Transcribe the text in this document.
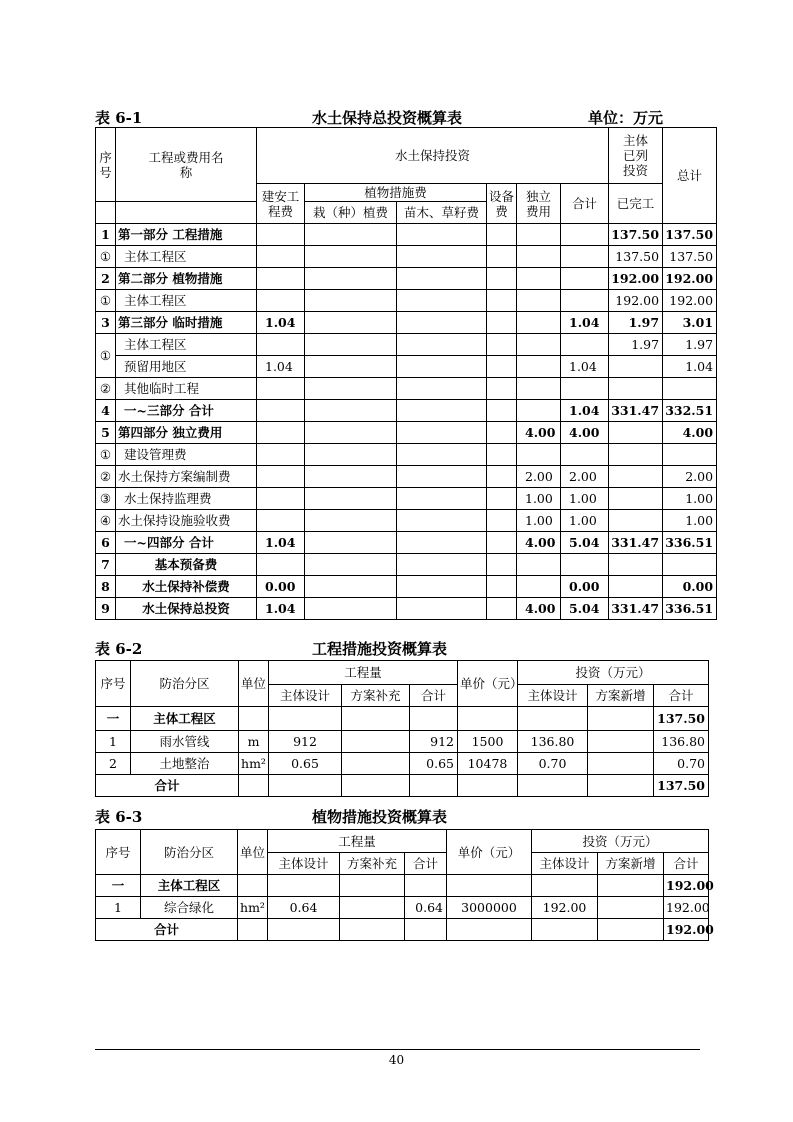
表 6-1	水土保持总投资概算表	单位：万元
序号	工程或费用名称	水土保持投资						主体已列投资	总计
		建安工程费	植物措施费		设备费	独立费用	合计	已完工	
			栽（种）植费	苗木、草籽费					
1	第一部分 工程措施							137.50	137.50
①	主体工程区							137.50	137.50
2	第二部分 植物措施							192.00	192.00
①	主体工程区							192.00	192.00
3	第三部分 临时措施	1.04					1.04	1.97	3.01
①	主体工程区							1.97	1.97
	预留用地区	1.04					1.04		1.04
②	其他临时工程								
4	一~三部分 合计						1.04	331.47	332.51
5	第四部分 独立费用					4.00	4.00		4.00
①	建设管理费								
②	水土保持方案编制费					2.00	2.00		2.00
③	水土保持监理费					1.00	1.00		1.00
④	水土保持设施验收费					1.00	1.00		1.00
6	一~四部分 合计	1.04				4.00	5.04	331.47	336.51
7	基本预备费								
8	水土保持补偿费	0.00					0.00		0.00
9	水土保持总投资	1.04				4.00	5.04	331.47	336.51
表 6-2	工程措施投资概算表
序号	防治分区	单位	工程量			单价（元）	投资（万元）		
			主体设计	方案补充	合计		主体设计	方案新增	合计
一	主体工程区								137.50
1	雨水管线	m	912		912	1500	136.80		136.80
2	土地整治	hm²	0.65		0.65	10478	0.70		0.70
合计									137.50
表 6-3	植物措施投资概算表
序号	防治分区	单位	工程量			单价（元）	投资（万元）		
			主体设计	方案补充	合计		主体设计	方案新增	合计
一	主体工程区								192.00
1	综合绿化	hm²	0.64		0.64	3000000	192.00		192.00
合计									192.00
40
